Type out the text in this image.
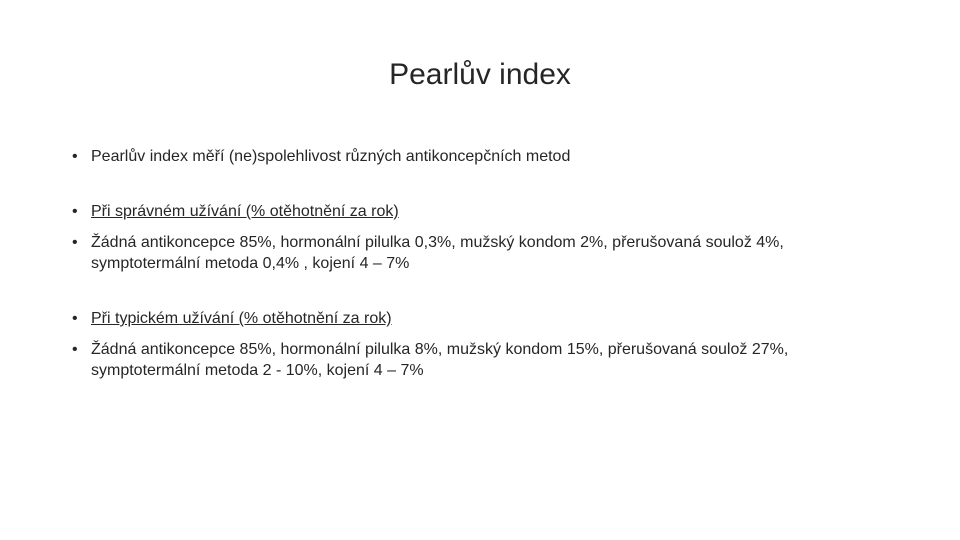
Pearlův index
• Pearlův index měří (ne)spolehlivost různých antikoncepčních metod
• Při správném užívání (% otěhotnění za rok)
• Žádná antikoncepce 85%, hormonální pilulka 0,3%, mužský kondom 2%, přerušovaná soulož 4%, symptotermální metoda 0,4% , kojení 4 – 7%
• Při typickém užívání (% otěhotnění za rok)
• Žádná antikoncepce 85%, hormonální pilulka 8%, mužský kondom 15%, přerušovaná soulož 27%, symptotermální metoda 2 - 10%, kojení 4 – 7%
